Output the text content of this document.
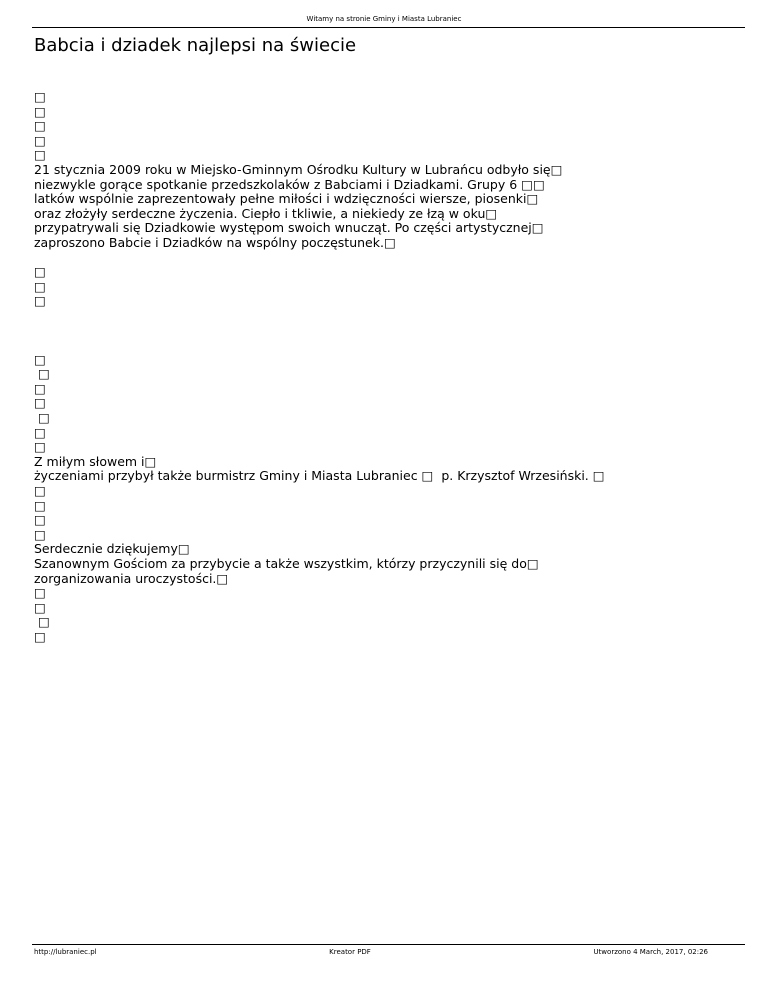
Witamy na stronie Gminy i Miasta Lubraniec
Babcia i dziadek najlepsi na świecie
□
□
□
□
□
21 stycznia 2009 roku w Miejsko-Gminnym Ośrodku Kultury w Lubrańcu odbyło się□
niezwykle gorące spotkanie przedszkolaków z Babciami i Dziadkami. Grupy 6 □□
latków wspólnie zaprezentowały pełne miłości i wdzięczności wiersze, piosenki□
oraz złożyły serdeczne życzenia. Ciepło i tkliwie, a niekiedy ze łzą w oku□
przypatrywali się Dziadkowie występom swoich wnucząt. Po części artystycznej□
zaproszono Babcie i Dziadków na wspólny poczęstunek.□
□
□
□
□
□
□
□
□
□
□
Z miłym słowem i□
życzeniami przybył także burmistrz Gminy i Miasta Lubraniec □  p. Krzysztof Wrzesiński. □
□
□
□
□
Serdecznie dziękujemy□
Szanownym Gościom za przybycie a także wszystkim, którzy przyczynili się do□
zorganizowania uroczystości.□
□
□
□
□
http://lubraniec.pl	Kreator PDF	Utworzono 4 March, 2017, 02:26
